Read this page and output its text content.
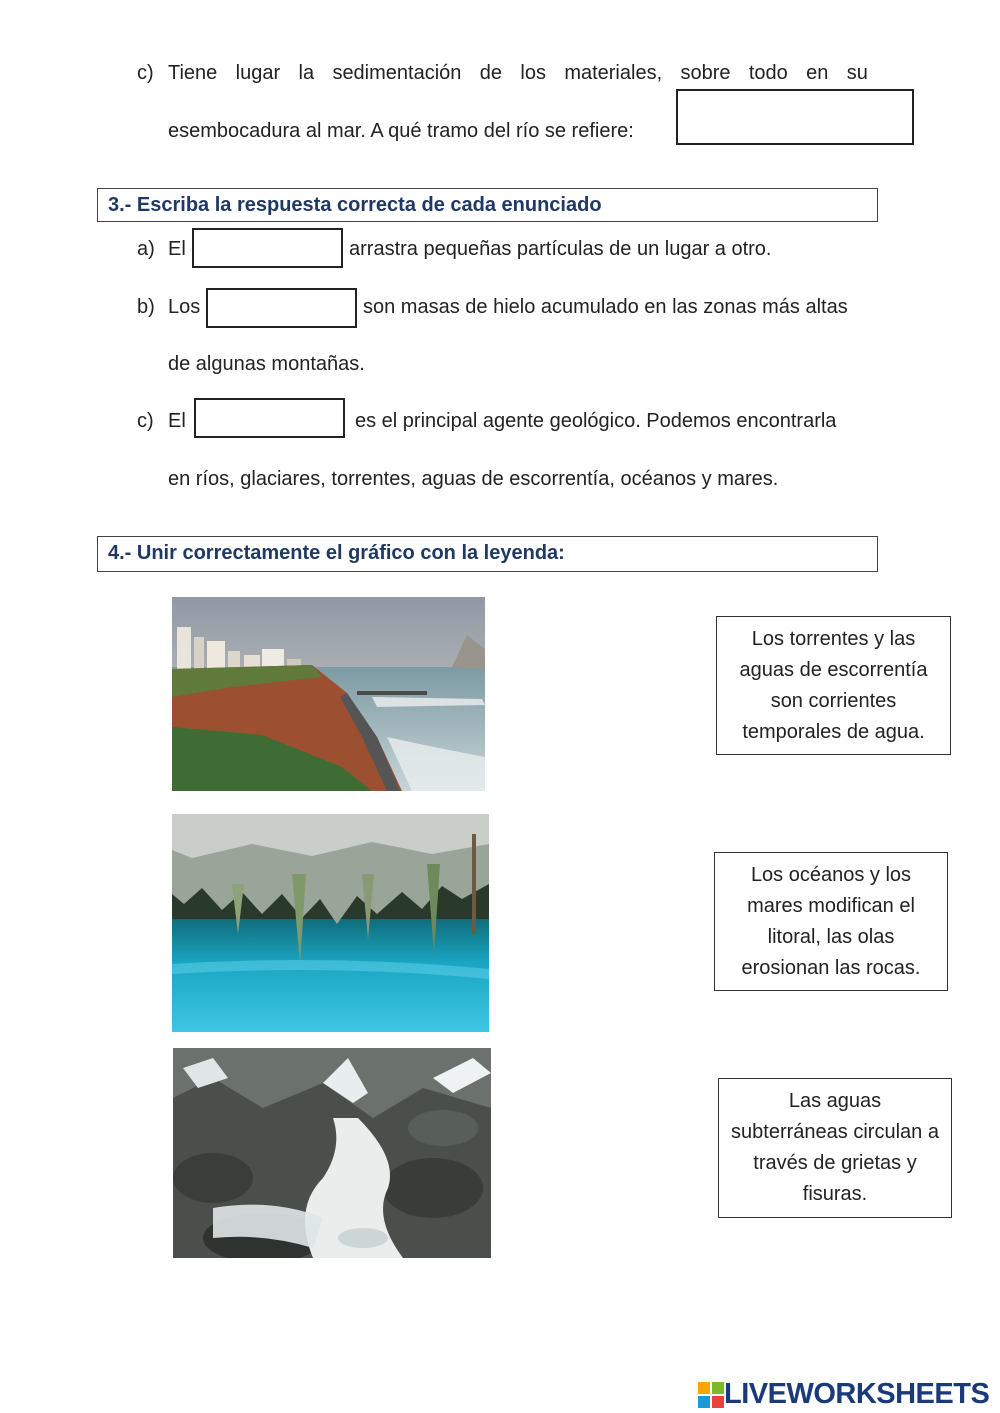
c) Tiene lugar la sedimentación de los materiales, sobre todo en su
esembocadura al mar. A qué tramo del río se refiere:
3.- Escriba la respuesta correcta de cada enunciado
a) El	arrastra pequeñas partículas de un lugar a otro.
b) Los	son masas de hielo acumulado en las zonas más altas
de algunas montañas.
c) El	es el principal agente geológico. Podemos encontrarla
en ríos, glaciares, torrentes, aguas de escorrentía, océanos y mares.
4.- Unir correctamente el gráfico con la leyenda:
Los torrentes y las aguas de escorrentía son corrientes temporales de agua.
Los océanos y los mares modifican el litoral, las olas erosionan las rocas.
Las aguas subterráneas circulan a través de grietas y fisuras.
LIVEWORKSHEETS
